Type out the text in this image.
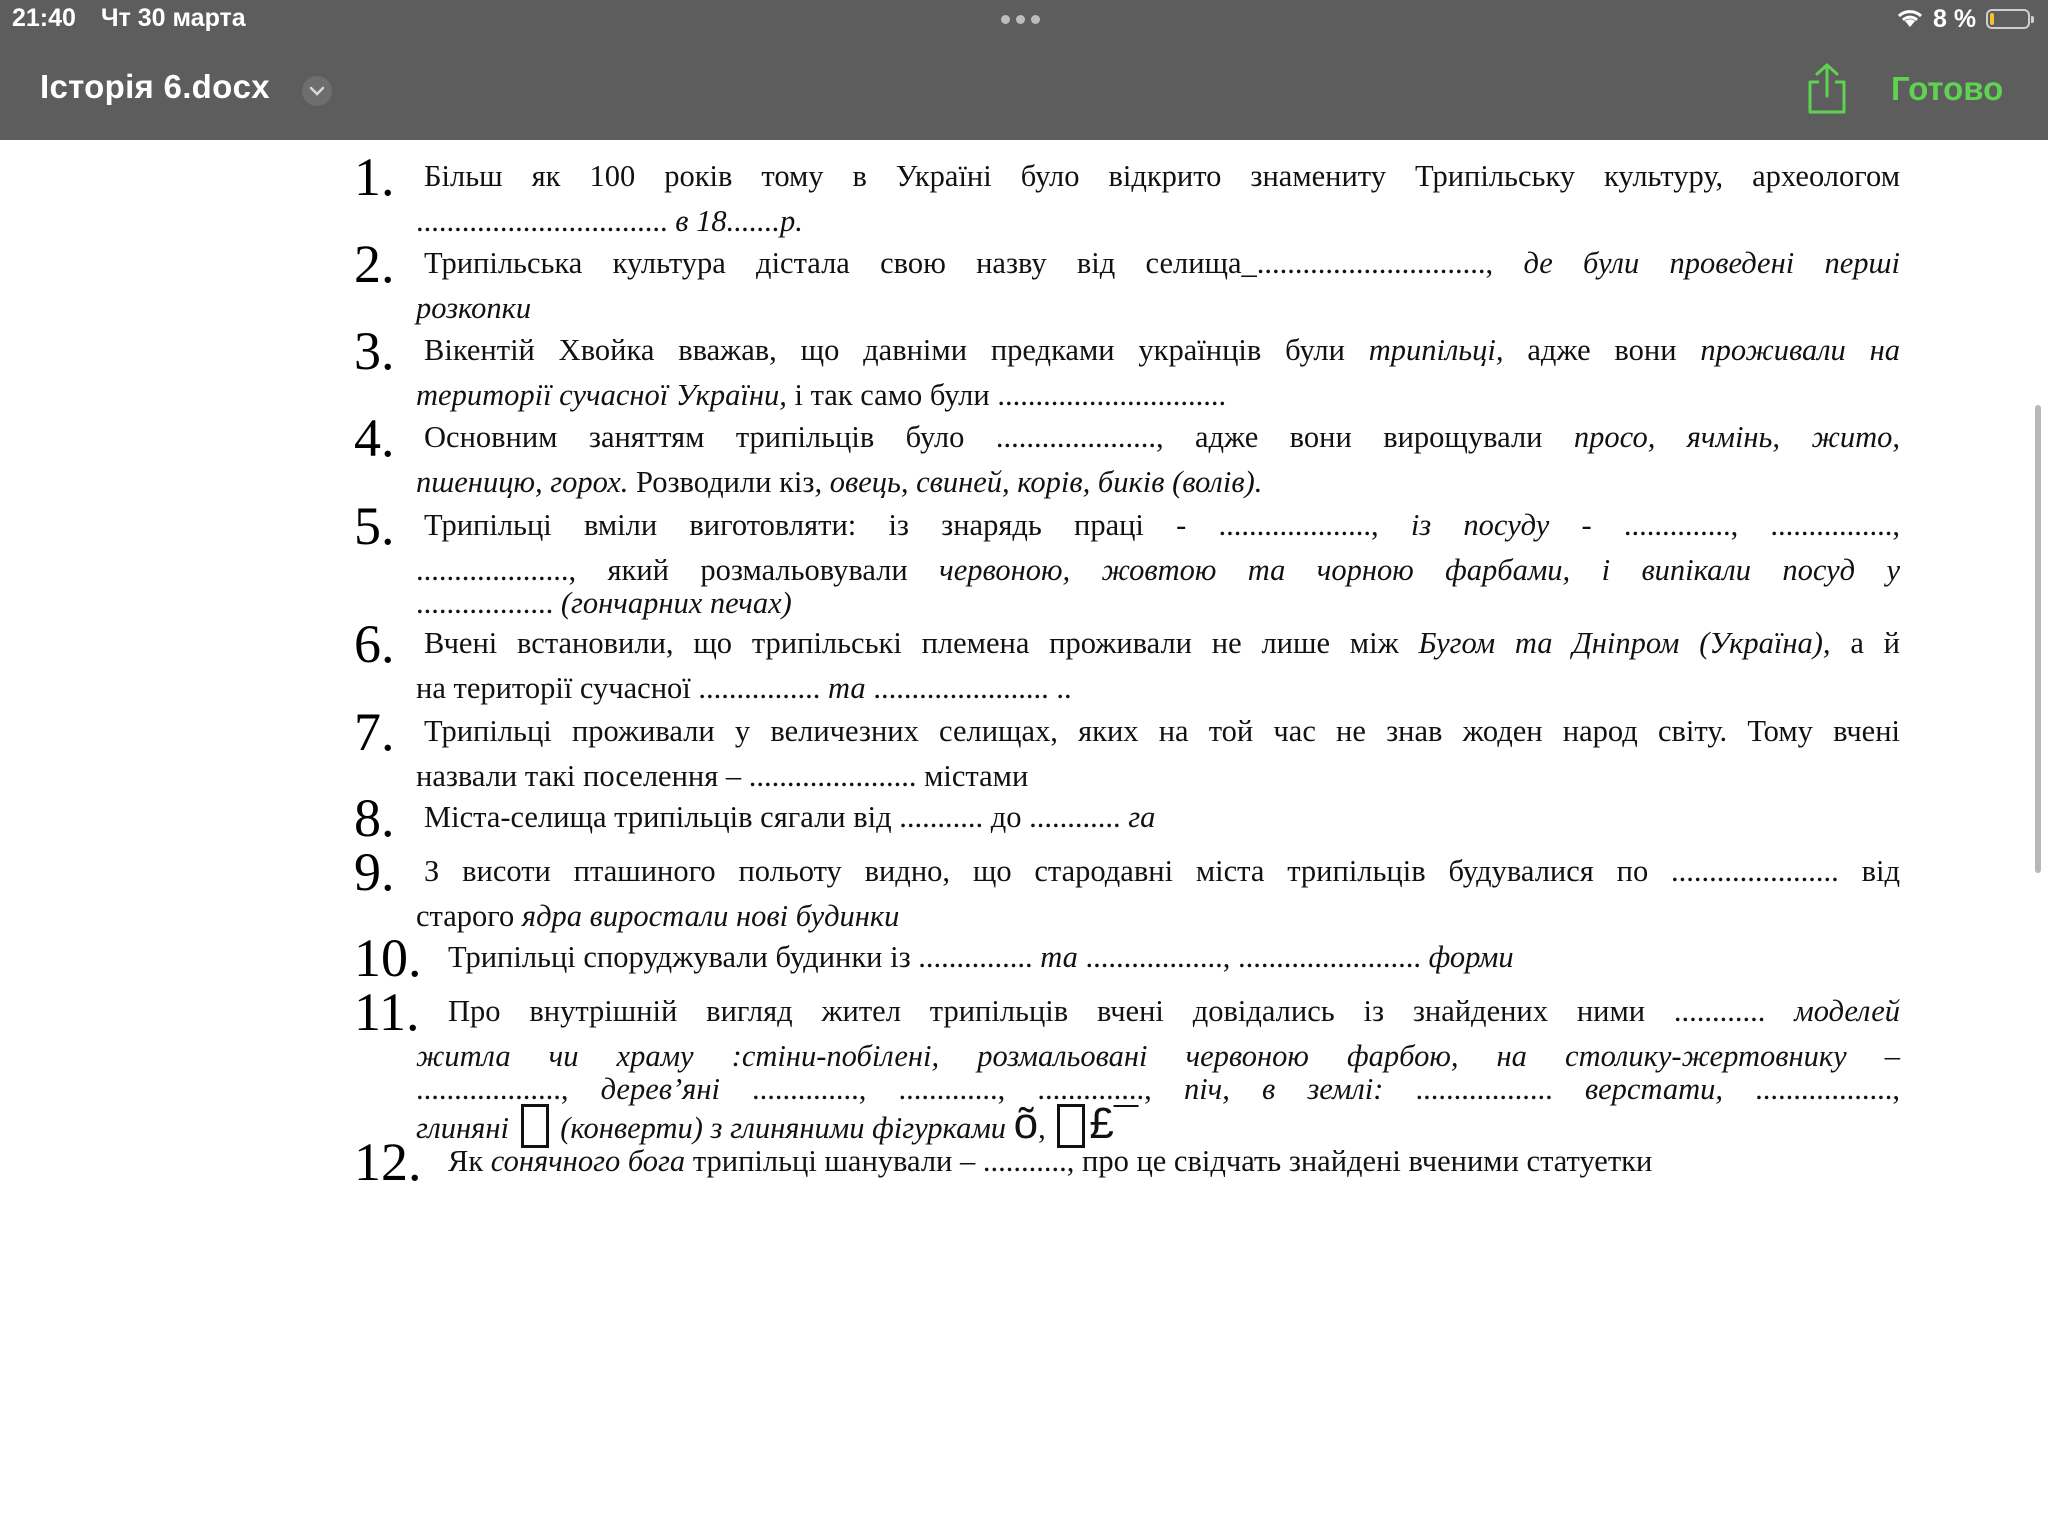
21:40 Чт 30 марта	8 %
Історія 6.docx	Готово
1. Більш як 100 років тому в Україні було відкрито знамениту Трипільську культуру, археологом
................................. в 18.......р.
2. Трипільська культура дістала свою назву від селища_.............................., де були проведені перші
розкопки
3. Вікентій Хвойка вважав, що давніми предками українців були трипільці, адже вони проживали на
території сучасної України, і так само були ..............................
4. Основним заняттям трипільців було ....................., адже вони вирощували просо, ячмінь, жито,
пшеницю, горох. Розводили кіз, овець, свиней, корів, биків (волів).
5. Трипільці вміли виготовляти: із знарядь праці - ...................., із посуду - .............., ................,
...................., який розмальовували червоною, жовтою та чорною фарбами, і випікали посуд у
.................. (гончарних печах)
6. Вчені встановили, що трипільські племена проживали не лише між Бугом та Дніпром (Україна), а й
на території сучасної ................ та ....................... ..
7. Трипільці проживали у величезних селищах, яких на той час не знав жоден народ світу. Тому вчені
назвали такі поселення – ...................... містами
8. Міста-селища трипільців сягали від ........... до ............ га
9. З висоти пташиного польоту видно, що стародавні міста трипільців будувалися по ...................... від
старого ядра виростали нові будинки
10. Трипільці споруджували будинки із ............... та .................., ........................ форми
11. Про внутрішній вигляд жител трипільців вчені довідались із знайдених ними ............ моделей
житла чи храму :стіни-побілені, розмальовані червоною фарбою, на столику-жертовнику –
..................., дерев’яні .............., ............., .............., піч, в землі: .................. верстати, ..................,
глиняні  (конверти) з глиняними фігурками õ, £¯
12. Як сонячного бога трипільці шанували – ..........., про це свідчать знайдені вченими статуетки
